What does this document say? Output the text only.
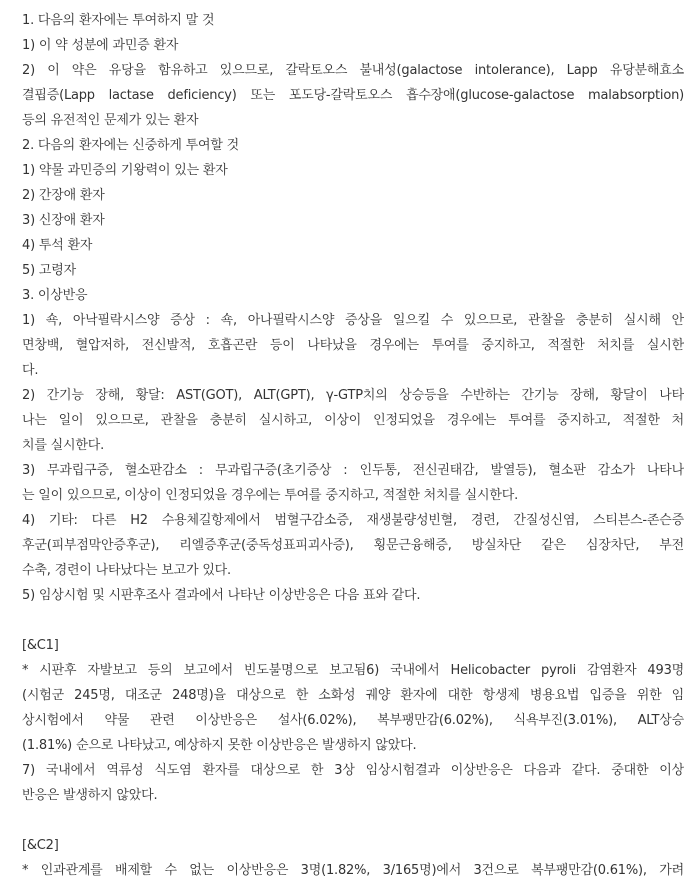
1. 다음의 환자에는 투여하지 말 것
1) 이 약 성분에 과민증 환자
2) 이 약은 유당을 함유하고 있으므로, 갈락토오스 불내성(galactose intolerance), Lapp 유당분해효소
결핍증(Lapp lactase deficiency) 또는 포도당-갈락토오스 흡수장애(glucose-galactose malabsorption)
등의 유전적인 문제가 있는 환자
2. 다음의 환자에는 신중하게 투여할 것
1) 약물 과민증의 기왕력이 있는 환자
2) 간장애 환자
3) 신장애 환자
4) 투석 환자
5) 고령자
3. 이상반응
1) 쇽, 아낙필락시스양 증상 : 쇽, 아나필락시스양 증상을 일으킬 수 있으므로, 관찰을 충분히 실시해 안
면창백, 혈압저하, 전신발적, 호흡곤란 등이 나타났을 경우에는 투여를 중지하고, 적절한 처치를 실시한
다.
2) 간기능 장해, 황달: AST(GOT), ALT(GPT), γ-GTP치의 상승등을 수반하는 간기능 장해, 황달이 나타
나는 일이 있으므로, 관찰을 충분히 실시하고, 이상이 인정되었을 경우에는 투여를 중지하고, 적절한 처
치를 실시한다.
3) 무과립구증, 혈소판감소 : 무과립구증(초기증상 : 인두통, 전신권태감, 발열등), 혈소판 감소가 나타나
는 일이 있으므로, 이상이 인정되었을 경우에는 투여를 중지하고, 적절한 처치를 실시한다.
4) 기타: 다른 H2 수용체길항제에서 범혈구감소증, 재생불량성빈혈, 경련, 간질성신염, 스티븐스-존슨증
후군(피부점막안증후군), 리엘증후군(중독성표피괴사증), 횡문근융해증, 방실차단 같은 심장차단, 부전
수축, 경련이 나타났다는 보고가 있다.
5) 임상시험 및 시판후조사 결과에서 나타난 이상반응은 다음 표와 같다.
[&C1]
* 시판후 자발보고 등의 보고에서 빈도불명으로 보고됨6) 국내에서 Helicobacter pyroli 감염환자 493명
(시험군 245명, 대조군 248명)을 대상으로 한 소화성 궤양 환자에 대한 항생제 병용요법 입증을 위한 임
상시험에서 약물 관련 이상반응은 설사(6.02%), 복부팽만감(6.02%), 식욕부진(3.01%), ALT상승
(1.81%) 순으로 나타났고, 예상하지 못한 이상반응은 발생하지 않았다.
7) 국내에서 역류성 식도염 환자를 대상으로 한 3상 임상시험결과 이상반응은 다음과 같다. 중대한 이상
반응은 발생하지 않았다.
[&C2]
* 인과관계를 배제할 수 없는 이상반응은 3명(1.82%, 3/165명)에서 3건으로 복부팽만감(0.61%), 가려
